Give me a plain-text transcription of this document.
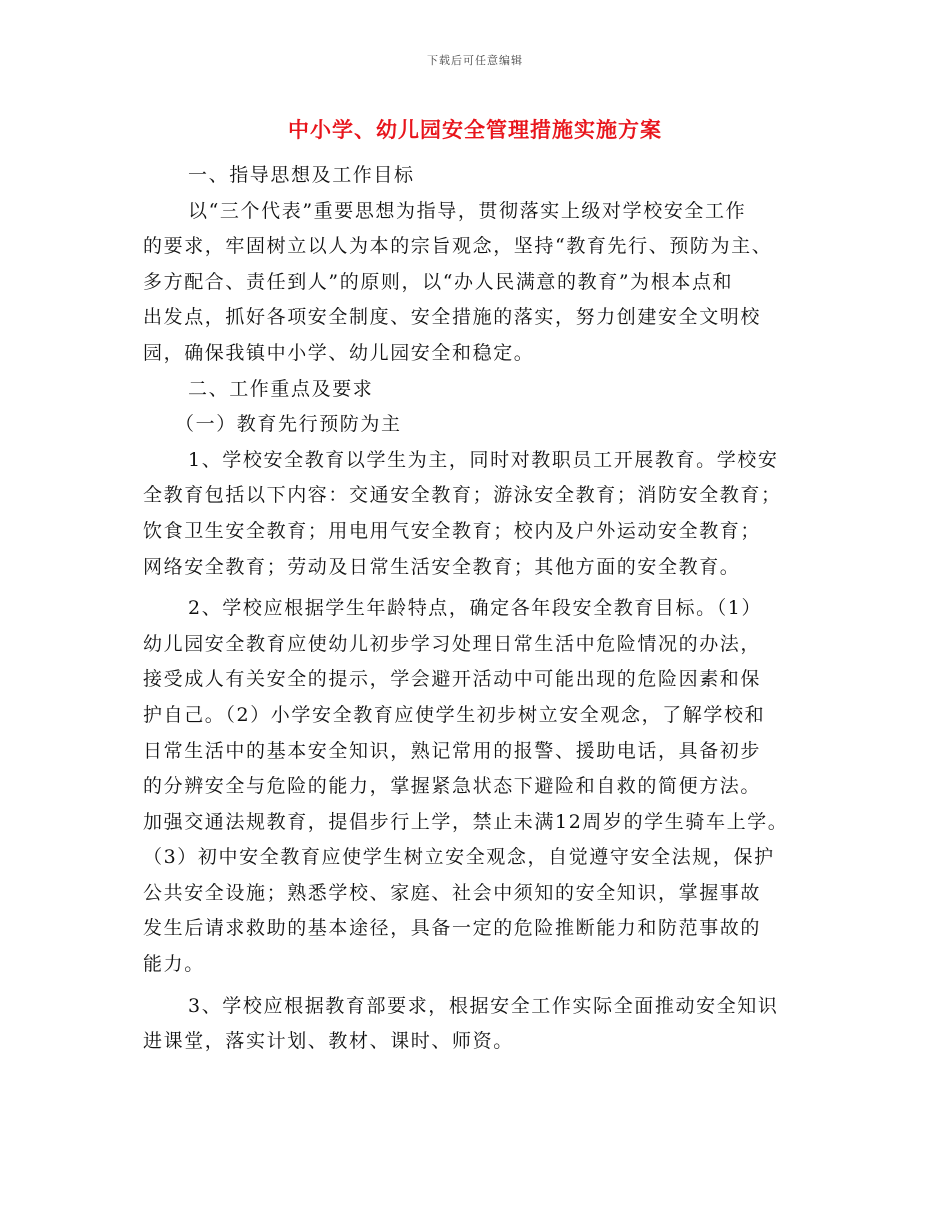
下载后可任意编辑
中小学、幼儿园安全管理措施实施方案
一、指导思想及工作目标
以“三个代表”重要思想为指导，贯彻落实上级对学校安全工作
的要求，牢固树立以人为本的宗旨观念，坚持“教育先行、预防为主、
多方配合、责任到人”的原则，以“办人民满意的教育”为根本点和
出发点，抓好各项安全制度、安全措施的落实，努力创建安全文明校
园，确保我镇中小学、幼儿园安全和稳定。
二、工作重点及要求
（一）教育先行预防为主
1、学校安全教育以学生为主，同时对教职员工开展教育。学校安
全教育包括以下内容：交通安全教育；游泳安全教育；消防安全教育；
饮食卫生安全教育；用电用气安全教育；校内及户外运动安全教育；
网络安全教育；劳动及日常生活安全教育；其他方面的安全教育。
2、学校应根据学生年龄特点，确定各年段安全教育目标。（1）
幼儿园安全教育应使幼儿初步学习处理日常生活中危险情况的办法，
接受成人有关安全的提示，学会避开活动中可能出现的危险因素和保
护自己。（2）小学安全教育应使学生初步树立安全观念，了解学校和
日常生活中的基本安全知识，熟记常用的报警、援助电话，具备初步
的分辨安全与危险的能力，掌握紧急状态下避险和自救的简便方法。
加强交通法规教育，提倡步行上学，禁止未满12周岁的学生骑车上学。
（3）初中安全教育应使学生树立安全观念，自觉遵守安全法规，保护
公共安全设施；熟悉学校、家庭、社会中须知的安全知识，掌握事故
发生后请求救助的基本途径，具备一定的危险推断能力和防范事故的
能力。
3、学校应根据教育部要求，根据安全工作实际全面推动安全知识
进课堂，落实计划、教材、课时、师资。
